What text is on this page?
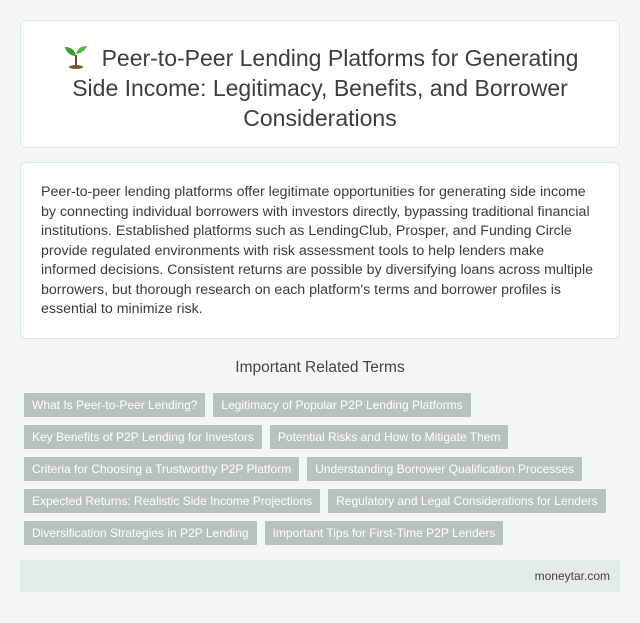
Peer-to-Peer Lending Platforms for Generating Side Income: Legitimacy, Benefits, and Borrower Considerations

Peer-to-peer lending platforms offer legitimate opportunities for generating side income by connecting individual borrowers with investors directly, bypassing traditional financial institutions. Established platforms such as LendingClub, Prosper, and Funding Circle provide regulated environments with risk assessment tools to help lenders make informed decisions. Consistent returns are possible by diversifying loans across multiple borrowers, but thorough research on each platform's terms and borrower profiles is essential to minimize risk.

Important Related Terms
What Is Peer-to-Peer Lending?	Legitimacy of Popular P2P Lending Platforms
Key Benefits of P2P Lending for Investors	Potential Risks and How to Mitigate Them
Criteria for Choosing a Trustworthy P2P Platform	Understanding Borrower Qualification Processes
Expected Returns: Realistic Side Income Projections	Regulatory and Legal Considerations for Lenders
Diversification Strategies in P2P Lending	Important Tips for First-Time P2P Lenders
moneytar.com
